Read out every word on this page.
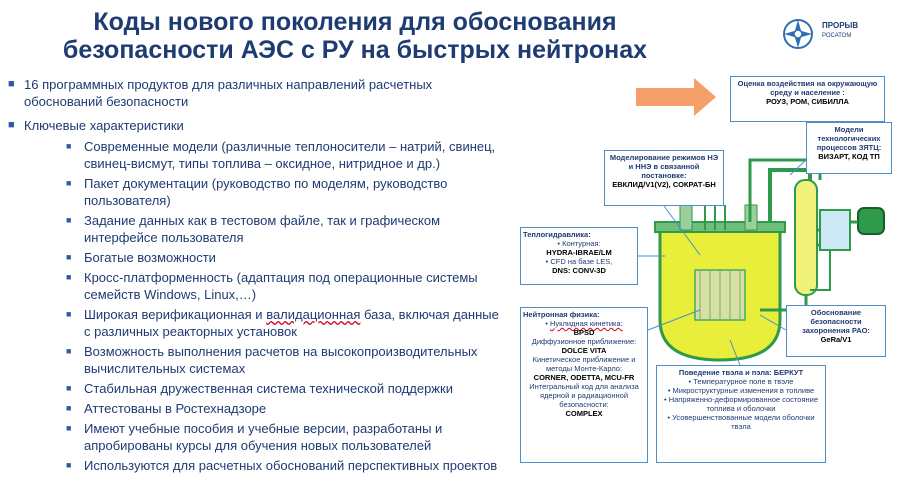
Коды нового поколения для обоснования
безопасности АЭС с РУ на быстрых нейтронах
ПРОРЫВ
РОСАТОМ
■ 16 программных продуктов для различных направлений расчетных обоснований безопасности
■ Ключевые характеристики
■ Современные модели (различные теплоносители – натрий, свинец, свинец-висмут, типы топлива – оксидное, нитридное и др.)
■ Пакет документации (руководство по моделям, руководство пользователя)
■ Задание данных как в тестовом файле, так и графическом интерфейсе пользователя
■ Богатые возможности
■ Кросс-платформенность (адаптация под операционные системы семейств Windows, Linux,…)
■ Широкая верификационная и валидационная база, включая данные с различных реакторных установок
■ Возможность выполнения расчетов на высокопроизводительных вычислительных системах
■ Стабильная дружественная система технической поддержки
■ Аттестованы в Ростехнадзоре
■ Имеют учебные пособия и учебные версии, разработаны и апробированы курсы для обучения новых пользователей
■ Используются для расчетных обоснований перспективных проектов
Оценка воздействия на окружающую среду и население :
РОУЗ, РОМ, СИБИЛЛА
Модели технологических процессов ЗЯТЦ:
ВИЗАРТ, КОД ТП
Моделирование режимов НЭ и ННЭ в связанной постановке:
ЕВКЛИД/V1(V2), СОКРАТ-БН
Теплогидравлика:
• Контурная:
HYDRA-IBRAE/LM
• CFD на базе LES,
DNS: CONV-3D
Нейтронная физика:
• Нуклидная кинетика:
BPSD
Диффузионное приближение:
DOLCE VITA
Кинетическое приближение и методы Монте-Карло:
CORNER, ODETTA, MCU-FR
Интегральный код для анализа ядерной и радиационной безопасности:
COMPLEX
Обоснование безопасности захоронения РАО:
GeRa/V1
Поведение твэла и пэла: БЕРКУТ
• Температурное поле в твэле
• Микроструктурные изменения в топливе
• Напряженно-деформированное состояние топлива и оболочки
• Усовершенствованные модели оболочки твэла
